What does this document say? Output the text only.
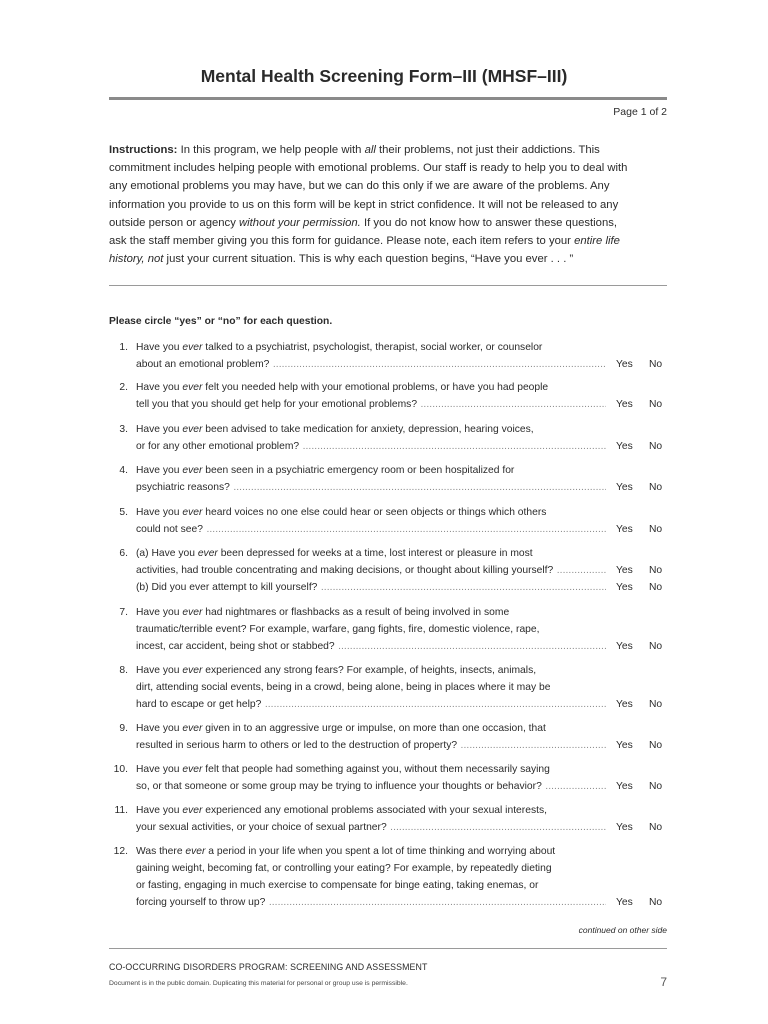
Mental Health Screening Form–III (MHSF–III)
Page 1 of 2

Instructions: In this program, we help people with all their problems, not just their addictions. This
commitment includes helping people with emotional problems. Our staff is ready to help you to deal with
any emotional problems you may have, but we can do this only if we are aware of the problems. Any
information you provide to us on this form will be kept in strict confidence. It will not be released to any
outside person or agency without your permission. If you do not know how to answer these questions,
ask the staff member giving you this form for guidance. Please note, each item refers to your entire life
history, not just your current situation. This is why each question begins, “Have you ever . . . ”

Please circle “yes” or “no” for each question.
1. Have you ever talked to a psychiatrist, psychologist, therapist, social worker, or counselor
about an emotional problem? . . .	Yes No
2. Have you ever felt you needed help with your emotional problems, or have you had people
tell you that you should get help for your emotional problems? . . .	Yes No
3. Have you ever been advised to take medication for anxiety, depression, hearing voices,
or for any other emotional problem? . . .	Yes No
4. Have you ever been seen in a psychiatric emergency room or been hospitalized for
psychiatric reasons? . . .	Yes No
5. Have you ever heard voices no one else could hear or seen objects or things which others
could not see? . . .	Yes No
6. (a) Have you ever been depressed for weeks at a time, lost interest or pleasure in most
activities, had trouble concentrating and making decisions, or thought about killing yourself? . . .	Yes No
(b) Did you ever attempt to kill yourself? . . .	Yes No
7. Have you ever had nightmares or flashbacks as a result of being involved in some
traumatic/terrible event? For example, warfare, gang fights, fire, domestic violence, rape,
incest, car accident, being shot or stabbed? . . .	Yes No
8. Have you ever experienced any strong fears? For example, of heights, insects, animals,
dirt, attending social events, being in a crowd, being alone, being in places where it may be
hard to escape or get help? . . .	Yes No
9. Have you ever given in to an aggressive urge or impulse, on more than one occasion, that
resulted in serious harm to others or led to the destruction of property? . . .	Yes No
10. Have you ever felt that people had something against you, without them necessarily saying
so, or that someone or some group may be trying to influence your thoughts or behavior? . . .	Yes No
11. Have you ever experienced any emotional problems associated with your sexual interests,
your sexual activities, or your choice of sexual partner? . . .	Yes No
12. Was there ever a period in your life when you spent a lot of time thinking and worrying about
gaining weight, becoming fat, or controlling your eating? For example, by repeatedly dieting
or fasting, engaging in much exercise to compensate for binge eating, taking enemas, or
forcing yourself to throw up? . . .	Yes No
continued on other side
CO-OCCURRING DISORDERS PROGRAM: SCREENING AND ASSESSMENT
Document is in the public domain. Duplicating this material for personal or group use is permissible.	7
